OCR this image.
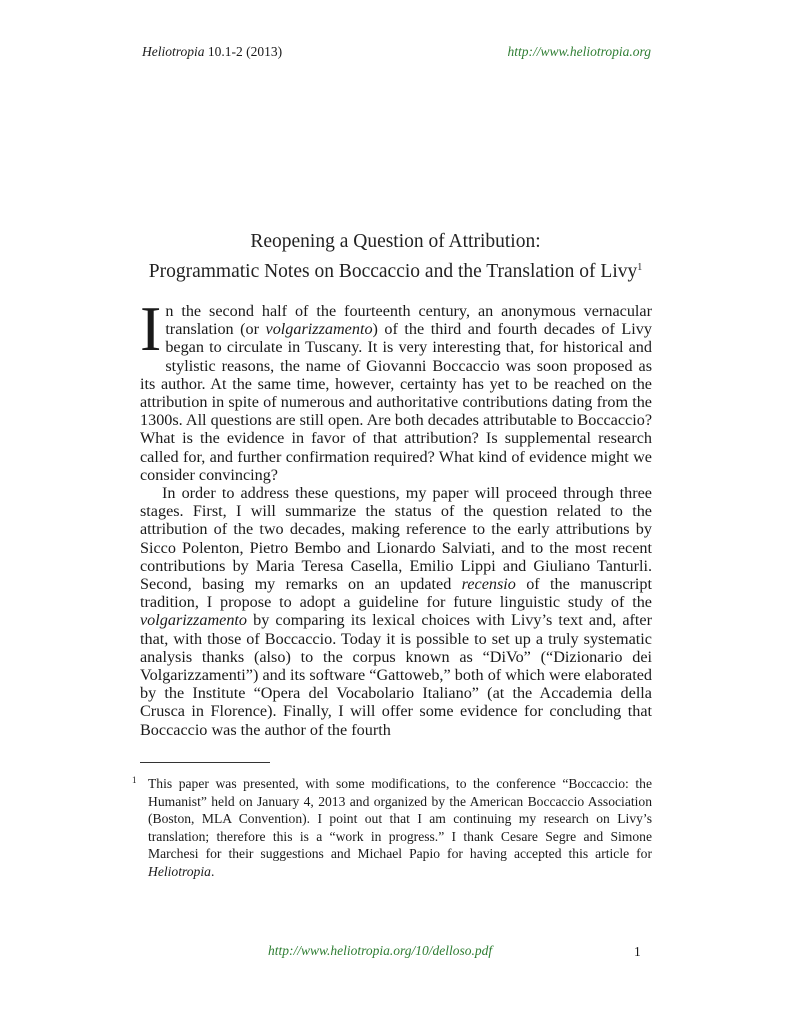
Heliotropia 10.1-2 (2013)	http://www.heliotropia.org
Reopening a Question of Attribution:
Programmatic Notes on Boccaccio and the Translation of Livy$^1$

In the second half of the fourteenth century, an anonymous vernacular translation (or volgarizzamento) of the third and fourth decades of Livy began to circulate in Tuscany. It is very interesting that, for historical and stylistic reasons, the name of Giovanni Boccaccio was soon proposed as its author. At the same time, however, certainty has yet to be reached on the attribution in spite of numerous and authoritative contributions dating from the 1300s. All questions are still open. Are both decades attributable to Boccaccio? What is the evidence in favor of that attribution? Is supplemental research called for, and further confirmation required? What kind of evidence might we consider convincing?

In order to address these questions, my paper will proceed through three stages. First, I will summarize the status of the question related to the attribution of the two decades, making reference to the early attributions by Sicco Polenton, Pietro Bembo and Lionardo Salviati, and to the most recent contributions by Maria Teresa Casella, Emilio Lippi and Giuliano Tanturli. Second, basing my remarks on an updated recensio of the manuscript tradition, I propose to adopt a guideline for future linguistic study of the volgarizzamento by comparing its lexical choices with Livy’s text and, after that, with those of Boccaccio. Today it is possible to set up a truly systematic analysis thanks (also) to the corpus known as “DiVo” (“Dizionario dei Volgarizzamenti”) and its software “Gattoweb,” both of which were elaborated by the Institute “Opera del Vocabolario Italiano” (at the Accademia della Crusca in Florence). Finally, I will offer some evidence for concluding that Boccaccio was the author of the fourth

1 This paper was presented, with some modifications, to the conference “Boccaccio: the Humanist” held on January 4, 2013 and organized by the American Boccaccio Association (Boston, MLA Convention). I point out that I am continuing my research on Livy’s translation; therefore this is a “work in progress.” I thank Cesare Segre and Simone Marchesi for their suggestions and Michael Papio for having accepted this article for Heliotropia.
http://www.heliotropia.org/10/delloso.pdf	1
